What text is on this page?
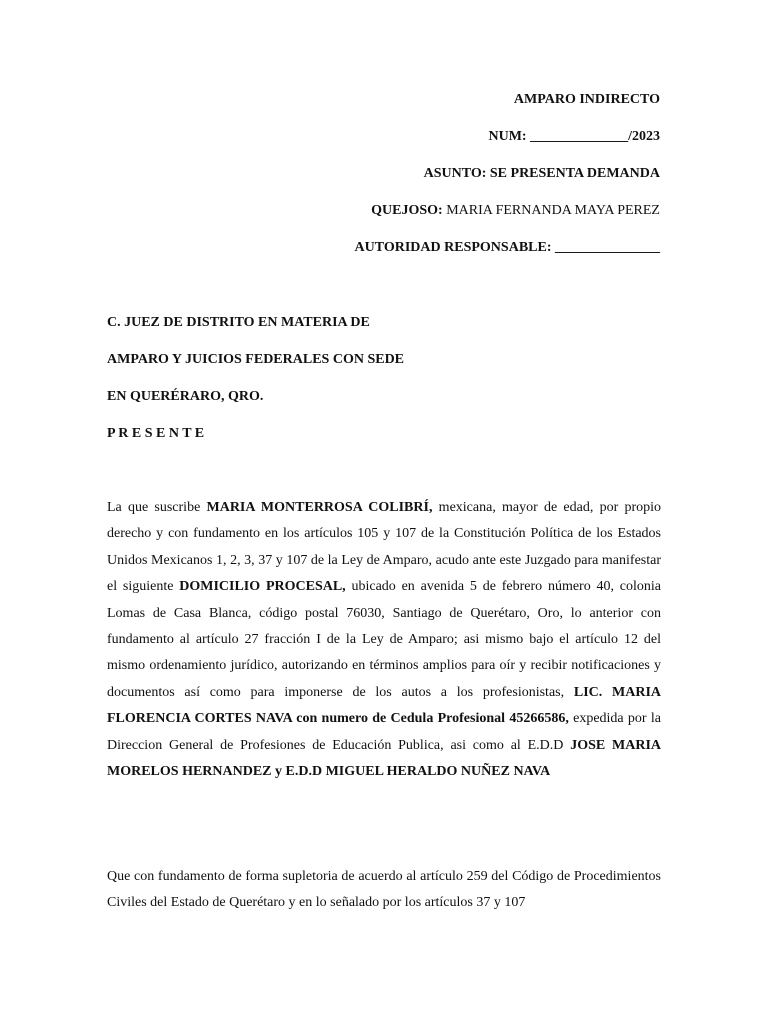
AMPARO INDIRECTO
NUM: ______________/2023
ASUNTO: SE PRESENTA DEMANDA
QUEJOSO: MARIA FERNANDA MAYA PEREZ
AUTORIDAD RESPONSABLE: _______________
C. JUEZ DE DISTRITO EN MATERIA DE
AMPARO Y JUICIOS FEDERALES CON SEDE
EN QUERÉRARO, QRO.
P R E S E N T E
La que suscribe MARIA MONTERROSA COLIBRÍ, mexicana, mayor de edad, por propio derecho y con fundamento en los artículos 105 y 107 de la Constitución Política de los Estados Unidos Mexicanos 1, 2, 3, 37 y 107 de la Ley de Amparo, acudo ante este Juzgado para manifestar el siguiente DOMICILIO PROCESAL, ubicado en avenida 5 de febrero número 40, colonia Lomas de Casa Blanca, código postal 76030, Santiago de Querétaro, Oro, lo anterior con fundamento al artículo 27 fracción I de la Ley de Amparo; asi mismo bajo el artículo 12 del mismo ordenamiento jurídico, autorizando en términos amplios para oír y recibir notificaciones y documentos así como para imponerse de los autos a los profesionistas, LIC. MARIA FLORENCIA CORTES NAVA con numero de Cedula Profesional 45266586, expedida por la Direccion General de Profesiones de Educación Publica, asi como al E.D.D JOSE MARIA MORELOS HERNANDEZ y E.D.D MIGUEL HERALDO NUÑEZ NAVA
Que con fundamento de forma supletoria de acuerdo al artículo 259 del Código de Procedimientos Civiles del Estado de Querétaro y en lo señalado por los artículos 37 y 107
